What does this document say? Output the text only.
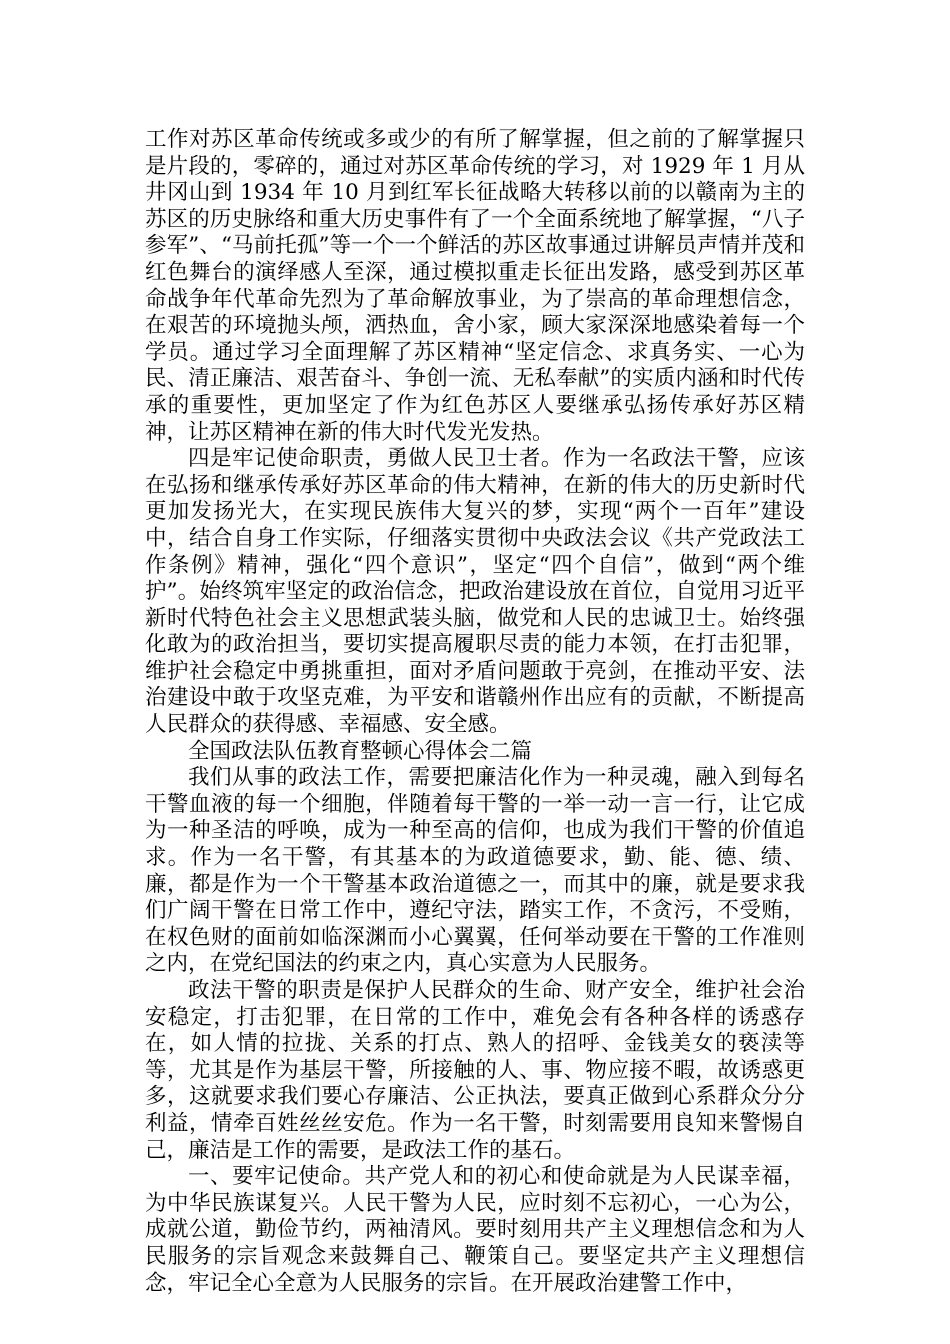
工作对苏区革命传统或多或少的有所了解掌握，但之前的了解掌握只是片段的，零碎的，通过对苏区革命传统的学习，对 1929 年 1 月从井冈山到 1934 年 10 月到红军长征战略大转移以前的以赣南为主的苏区的历史脉络和重大历史事件有了一个全面系统地了解掌握，“八子参军”、“马前托孤”等一个一个鲜活的苏区故事通过讲解员声情并茂和红色舞台的演绎感人至深，通过模拟重走长征出发路，感受到苏区革命战争年代革命先烈为了革命解放事业，为了崇高的革命理想信念，在艰苦的环境抛头颅，洒热血，舍小家，顾大家深深地感染着每一个学员。通过学习全面理解了苏区精神“坚定信念、求真务实、一心为民、清正廉洁、艰苦奋斗、争创一流、无私奉献”的实质内涵和时代传承的重要性，更加坚定了作为红色苏区人要继承弘扬传承好苏区精神，让苏区精神在新的伟大时代发光发热。

四是牢记使命职责，勇做人民卫士者。作为一名政法干警，应该在弘扬和继承传承好苏区革命的伟大精神，在新的伟大的历史新时代更加发扬光大，在实现民族伟大复兴的梦，实现“两个一百年”建设中，结合自身工作实际，仔细落实贯彻中央政法会议《共产党政法工作条例》精神，强化“四个意识”，坚定“四个自信”，做到“两个维护”。始终筑牢坚定的政治信念，把政治建设放在首位，自觉用习近平新时代特色社会主义思想武装头脑，做党和人民的忠诚卫士。始终强化敢为的政治担当，要切实提高履职尽责的能力本领，在打击犯罪，维护社会稳定中勇挑重担，面对矛盾问题敢于亮剑，在推动平安、法治建设中敢于攻坚克难，为平安和谐赣州作出应有的贡献，不断提高人民群众的获得感、幸福感、安全感。

全国政法队伍教育整顿心得体会二篇

我们从事的政法工作，需要把廉洁化作为一种灵魂，融入到每名干警血液的每一个细胞，伴随着每干警的一举一动一言一行，让它成为一种圣洁的呼唤，成为一种至高的信仰，也成为我们干警的价值追求。作为一名干警，有其基本的为政道德要求，勤、能、德、绩、廉，都是作为一个干警基本政治道德之一，而其中的廉，就是要求我们广阔干警在日常工作中，遵纪守法，踏实工作，不贪污，不受贿，在权色财的面前如临深渊而小心翼翼，任何举动要在干警的工作准则之内，在党纪国法的约束之内，真心实意为人民服务。

政法干警的职责是保护人民群众的生命、财产安全，维护社会治安稳定，打击犯罪，在日常的工作中，难免会有各种各样的诱惑存在，如人情的拉拢、关系的打点、熟人的招呼、金钱美女的亵渎等等，尤其是作为基层干警，所接触的人、事、物应接不暇，故诱惑更多，这就要求我们要心存廉洁、公正执法，要真正做到心系群众分分利益，情牵百姓丝丝安危。作为一名干警，时刻需要用良知来警惕自己，廉洁是工作的需要，是政法工作的基石。

一、要牢记使命。共产党人和的初心和使命就是为人民谋幸福，为中华民族谋复兴。人民干警为人民，应时刻不忘初心，一心为公，成就公道，勤俭节约，两袖清风。要时刻用共产主义理想信念和为人民服务的宗旨观念来鼓舞自己、鞭策自己。要坚定共产主义理想信念，牢记全心全意为人民服务的宗旨。在开展政治建警工作中，
